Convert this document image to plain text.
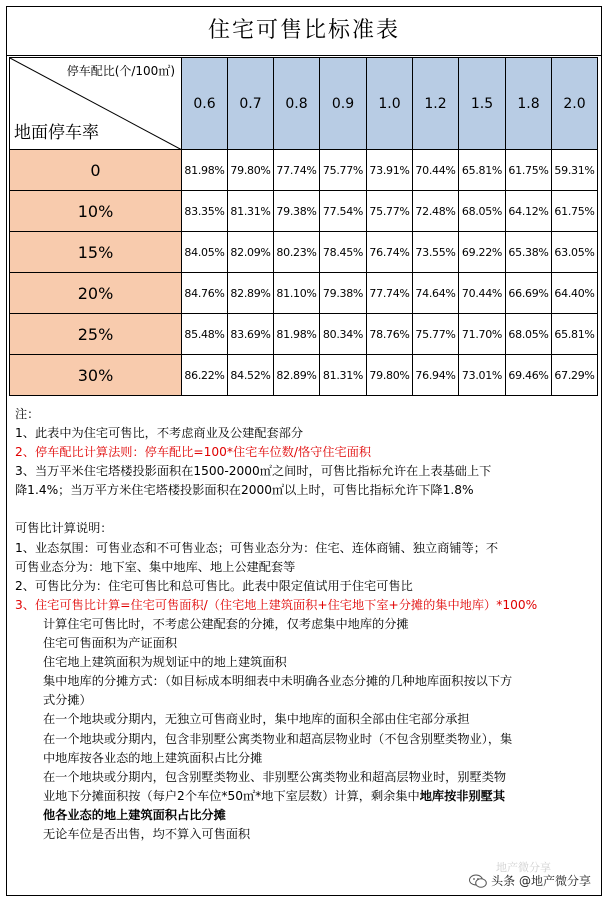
住宅可售比标准表
停车配比(个/100㎡)
地面停车率	0.6	0.7	0.8	0.9	1.0	1.2	1.5	1.8	2.0
0	81.98%	79.80%	77.74%	75.77%	73.91%	70.44%	65.81%	61.75%	59.31%
10%	83.35%	81.31%	79.38%	77.54%	75.77%	72.48%	68.05%	64.12%	61.75%
15%	84.05%	82.09%	80.23%	78.45%	76.74%	73.55%	69.22%	65.38%	63.05%
20%	84.76%	82.89%	81.10%	79.38%	77.74%	74.64%	70.44%	66.69%	64.40%
25%	85.48%	83.69%	81.98%	80.34%	78.76%	75.77%	71.70%	68.05%	65.81%
30%	86.22%	84.52%	82.89%	81.31%	79.80%	76.94%	73.01%	69.46%	67.29%
注：
1、此表中为住宅可售比，不考虑商业及公建配套部分
2、停车配比计算法则：停车配比=100*住宅车位数/恪守住宅面积
3、当万平米住宅塔楼投影面积在1500-2000㎡之间时，可售比指标允许在上表基础上下
降1.4%；当万平方米住宅塔楼投影面积在2000㎡以上时，可售比指标允许下降1.8%
可售比计算说明：
1、业态氛围：可售业态和不可售业态；可售业态分为：住宅、连体商铺、独立商铺等；不
可售业态分为：地下室、集中地库、地上公建配套等
2、可售比分为：住宅可售比和总可售比。此表中限定值试用于住宅可售比
3、住宅可售比计算=住宅可售面积/（住宅地上建筑面积+住宅地下室+分摊的集中地库）*100%
计算住宅可售比时，不考虑公建配套的分摊，仅考虑集中地库的分摊
住宅可售面积为产证面积
住宅地上建筑面积为规划证中的地上建筑面积
集中地库的分摊方式：（如目标成本明细表中未明确各业态分摊的几种地库面积按以下方
式分摊）
在一个地块或分期内，无独立可售商业时，集中地库的面积全部由住宅部分承担
在一个地块或分期内，包含非别墅公寓类物业和超高层物业时（不包含别墅类物业），集
中地库按各业态的地上建筑面积占比分摊
在一个地块或分期内，包含别墅类物业、非别墅公寓类物业和超高层物业时，别墅类物
业地下分摊面积按（每户2个车位*50㎡*地下室层数）计算，剩余集中地库按非别墅其
他各业态的地上建筑面积占比分摊
无论车位是否出售，均不算入可售面积
地产微分享
头条 @地产微分享
